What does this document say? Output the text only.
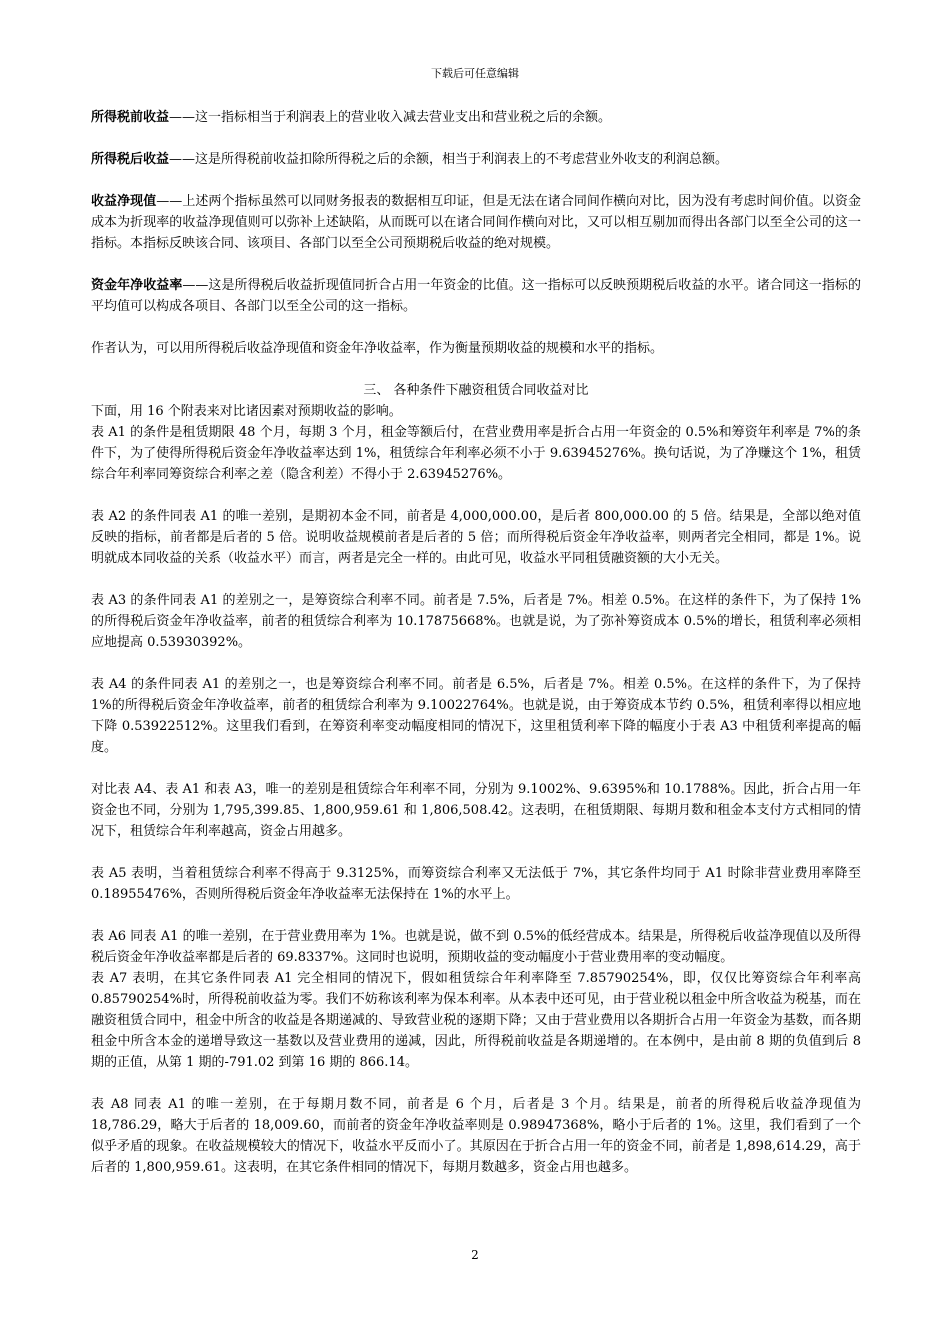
下载后可任意编辑

所得税前收益——这一指标相当于利润表上的营业收入减去营业支出和营业税之后的余额。

所得税后收益——这是所得税前收益扣除所得税之后的余额，相当于利润表上的不考虑营业外收支的利润总额。

收益净现值——上述两个指标虽然可以同财务报表的数据相互印证，但是无法在诸合同间作横向对比，因为没有考虑时间价值。以资金成本为折现率的收益净现值则可以弥补上述缺陷，从而既可以在诸合同间作横向对比，又可以相互剔加而得出各部门以至全公司的这一指标。本指标反映该合同、该项目、各部门以至全公司预期税后收益的绝对规模。

资金年净收益率——这是所得税后收益折现值同折合占用一年资金的比值。这一指标可以反映预期税后收益的水平。诸合同这一指标的平均值可以构成各项目、各部门以至全公司的这一指标。

作者认为，可以用所得税后收益净现值和资金年净收益率，作为衡量预期收益的规模和水平的指标。

三、 各种条件下融资租赁合同收益对比

下面，用 16 个附表来对比诸因素对预期收益的影响。

表 A1 的条件是租赁期限 48 个月，每期 3 个月，租金等额后付，在营业费用率是折合占用一年资金的 0.5%和筹资年利率是 7%的条件下，为了使得所得税后资金年净收益率达到 1%，租赁综合年利率必须不小于 9.63945276%。换句话说，为了净赚这个 1%，租赁综合年利率同筹资综合利率之差（隐含利差）不得小于 2.63945276%。

表 A2 的条件同表 A1 的唯一差别，是期初本金不同，前者是 4,000,000.00，是后者 800,000.00 的 5 倍。结果是，全部以绝对值反映的指标，前者都是后者的 5 倍。说明收益规模前者是后者的 5 倍；而所得税后资金年净收益率，则两者完全相同，都是 1%。说明就成本同收益的关系（收益水平）而言，两者是完全一样的。由此可见，收益水平同租赁融资额的大小无关。

表 A3 的条件同表 A1 的差别之一，是筹资综合利率不同。前者是 7.5%，后者是 7%。相差 0.5%。在这样的条件下，为了保持 1%的所得税后资金年净收益率，前者的租赁综合利率为 10.17875668%。也就是说，为了弥补筹资成本 0.5%的增长，租赁利率必须相应地提高 0.53930392%。

表 A4 的条件同表 A1 的差别之一，也是筹资综合利率不同。前者是 6.5%，后者是 7%。相差 0.5%。在这样的条件下，为了保持 1%的所得税后资金年净收益率，前者的租赁综合利率为 9.10022764%。也就是说，由于筹资成本节约 0.5%，租赁利率得以相应地下降 0.53922512%。这里我们看到，在筹资利率变动幅度相同的情况下，这里租赁利率下降的幅度小于表 A3 中租赁利率提高的幅度。

对比表 A4、表 A1 和表 A3，唯一的差别是租赁综合年利率不同，分别为 9.1002%、9.6395%和 10.1788%。因此，折合占用一年资金也不同，分别为 1,795,399.85、1,800,959.61 和 1,806,508.42。这表明，在租赁期限、每期月数和租金本支付方式相同的情况下，租赁综合年利率越高，资金占用越多。

表 A5 表明，当着租赁综合利率不得高于 9.3125%，而筹资综合利率又无法低于 7%，其它条件均同于 A1 时除非营业费用率降至 0.18955476%，否则所得税后资金年净收益率无法保持在 1%的水平上。

表 A6 同表 A1 的唯一差别，在于营业费用率为 1%。也就是说，做不到 0.5%的低经营成本。结果是，所得税后收益净现值以及所得税后资金年净收益率都是后者的 69.8337%。这同时也说明，预期收益的变动幅度小于营业费用率的变动幅度。

表 A7 表明，在其它条件同表 A1 完全相同的情况下，假如租赁综合年利率降至 7.85790254%，即，仅仅比筹资综合年利率高 0.85790254%时，所得税前收益为零。我们不妨称该利率为保本利率。从本表中还可见，由于营业税以租金中所含收益为税基，而在融资租赁合同中，租金中所含的收益是各期递减的、导致营业税的逐期下降；又由于营业费用以各期折合占用一年资金为基数，而各期租金中所含本金的递增导致这一基数以及营业费用的递减，因此，所得税前收益是各期递增的。在本例中，是由前 8 期的负值到后 8 期的正值，从第 1 期的-791.02 到第 16 期的 866.14。

表 A8 同表 A1 的唯一差别，在于每期月数不同，前者是 6 个月，后者是 3 个月。结果是，前者的所得税后收益净现值为 18,786.29，略大于后者的 18,009.60，而前者的资金年净收益率则是 0.98947368%，略小于后者的 1%。这里，我们看到了一个似乎矛盾的现象。在收益规模较大的情况下，收益水平反而小了。其原因在于折合占用一年的资金不同，前者是 1,898,614.29，高于后者的 1,800,959.61。这表明，在其它条件相同的情况下，每期月数越多，资金占用也越多。

2
